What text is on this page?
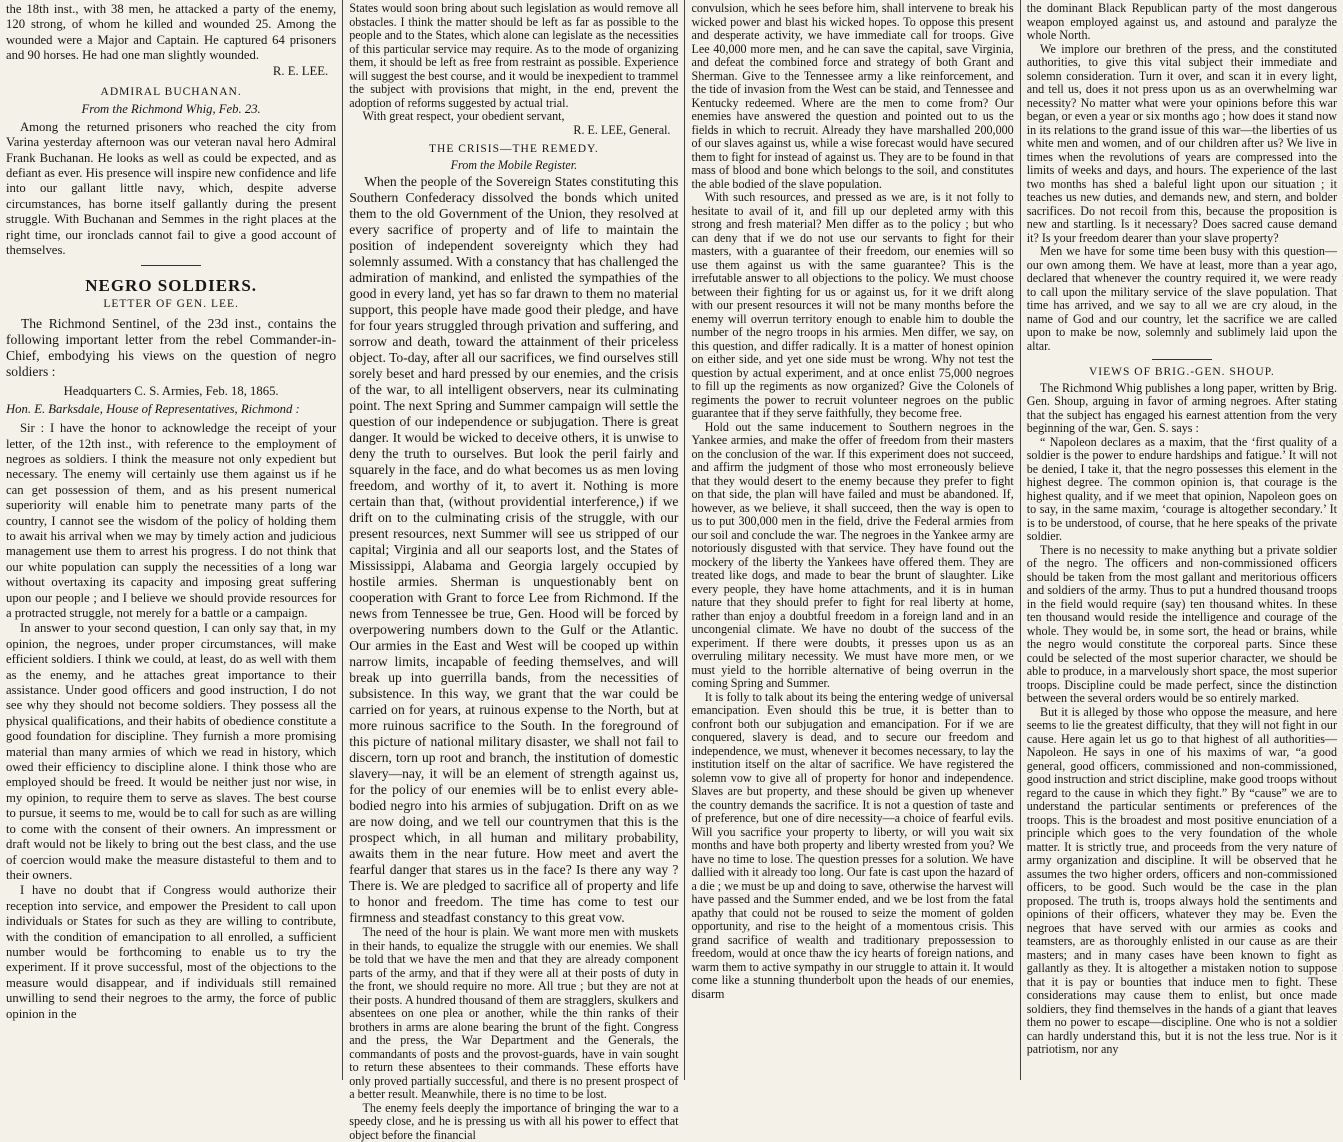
the 18th inst., with 38 men, he attacked a party of the enemy, 120 strong, of whom he killed and wounded 25. Among the wounded were a Major and Captain. He captured 64 prisoners and 90 horses. He had one man slightly wounded.

R. E. LEE.

ADMIRAL BUCHANAN.
From the Richmond Whig, Feb. 23.

Among the returned prisoners who reached the city from Varina yesterday afternoon was our veteran naval hero Admiral Frank Buchanan. He looks as well as could be expected, and as defiant as ever. His presence will inspire new confidence and life into our gallant little navy, which, despite adverse circumstances, has borne itself gallantly during the present struggle. With Buchanan and Semmes in the right places at the right time, our ironclads cannot fail to give a good account of themselves.

NEGRO SOLDIERS.
LETTER OF GEN. LEE.

The Richmond Sentinel, of the 23d inst., contains the following important letter from the rebel Commander-in-Chief, embodying his views on the question of negro soldiers :

Headquarters C. S. Armies, Feb. 18, 1865.

Hon. E. Barksdale, House of Representatives, Richmond :

Sir : I have the honor to acknowledge the receipt of your letter, of the 12th inst., with reference to the employment of negroes as soldiers. I think the measure not only expedient but necessary. The enemy will certainly use them against us if he can get possession of them, and as his present numerical superiority will enable him to penetrate many parts of the country, I cannot see the wisdom of the policy of holding them to await his arrival when we may by timely action and judicious management use them to arrest his progress. I do not think that our white population can supply the necessities of a long war without overtaxing its capacity and imposing great suffering upon our people ; and I believe we should provide resources for a protracted struggle, not merely for a battle or a campaign.

In answer to your second question, I can only say that, in my opinion, the negroes, under proper circumstances, will make efficient soldiers. I think we could, at least, do as well with them as the enemy, and he attaches great importance to their assistance. Under good officers and good instruction, I do not see why they should not become soldiers. They possess all the physical qualifications, and their habits of obedience constitute a good foundation for discipline. They furnish a more promising material than many armies of which we read in history, which owed their efficiency to discipline alone. I think those who are employed should be freed. It would be neither just nor wise, in my opinion, to require them to serve as slaves. The best course to pursue, it seems to me, would be to call for such as are willing to come with the consent of their owners. An impressment or draft would not be likely to bring out the best class, and the use of coercion would make the measure distasteful to them and to their owners.

I have no doubt that if Congress would authorize their reception into service, and empower the President to call upon individuals or States for such as they are willing to contribute, with the condition of emancipation to all enrolled, a sufficient number would be forthcoming to enable us to try the experiment. If it prove successful, most of the objections to the measure would disappear, and if individuals still remained unwilling to send their negroes to the army, the force of public opinion in the

States would soon bring about such legislation as would remove all obstacles. I think the matter should be left as far as possible to the people and to the States, which alone can legislate as the necessities of this particular service may require. As to the mode of organizing them, it should be left as free from restraint as possible. Experience will suggest the best course, and it would be inexpedient to trammel the subject with provisions that might, in the end, prevent the adoption of reforms suggested by actual trial.

With great respect, your obedient servant,

R. E. LEE, General.

THE CRISIS—THE REMEDY.
From the Mobile Register.

When the people of the Sovereign States constituting this Southern Confederacy dissolved the bonds which united them to the old Government of the Union, they resolved at every sacrifice of property and of life to maintain the position of independent sovereignty which they had solemnly assumed. With a constancy that has challenged the admiration of mankind, and enlisted the sympathies of the good in every land, yet has so far drawn to them no material support, this people have made good their pledge, and have for four years struggled through privation and suffering, and sorrow and death, toward the attainment of their priceless object. To-day, after all our sacrifices, we find ourselves still sorely beset and hard pressed by our enemies, and the crisis of the war, to all intelligent observers, near its culminating point. The next Spring and Summer campaign will settle the question of our independence or subjugation. There is great danger. It would be wicked to deceive others, it is unwise to deny the truth to ourselves. But look the peril fairly and squarely in the face, and do what becomes us as men loving freedom, and worthy of it, to avert it. Nothing is more certain than that, (without providential interference,) if we drift on to the culminating crisis of the struggle, with our present resources, next Summer will see us stripped of our capital; Virginia and all our seaports lost, and the States of Mississippi, Alabama and Georgia largely occupied by hostile armies. Sherman is unquestionably bent on cooperation with Grant to force Lee from Richmond. If the news from Tennessee be true, Gen. Hood will be forced by overpowering numbers down to the Gulf or the Atlantic. Our armies in the East and West will be cooped up within narrow limits, incapable of feeding themselves, and will break up into guerrilla bands, from the necessities of subsistence. In this way, we grant that the war could be carried on for years, at ruinous expense to the North, but at more ruinous sacrifice to the South. In the foreground of this picture of national military disaster, we shall not fail to discern, torn up root and branch, the institution of domestic slavery—nay, it will be an element of strength against us, for the policy of our enemies will be to enlist every able-bodied negro into his armies of subjugation. Drift on as we are now doing, and we tell our countrymen that this is the prospect which, in all human and military probability, awaits them in the near future. How meet and avert the fearful danger that stares us in the face? Is there any way ? There is. We are pledged to sacrifice all of property and life to honor and freedom. The time has come to test our firmness and steadfast constancy to this great vow.

The need of the hour is plain. We want more men with muskets in their hands, to equalize the struggle with our enemies. We shall be told that we have the men and that they are already component parts of the army, and that if they were all at their posts of duty in the front, we should require no more. All true ; but they are not at their posts. A hundred thousand of them are stragglers, skulkers and absentees on one plea or another, while the thin ranks of their brothers in arms are alone bearing the brunt of the fight. Congress and the press, the War Department and the Generals, the commandants of posts and the provost-guards, have in vain sought to return these absentees to their commands. These efforts have only proved partially successful, and there is no present prospect of a better result. Meanwhile, there is no time to be lost.

The enemy feels deeply the importance of bringing the war to a speedy close, and he is pressing us with all his power to effect that object before the financial

convulsion, which he sees before him, shall intervene to break his wicked power and blast his wicked hopes. To oppose this present and desperate activity, we have immediate call for troops. Give Lee 40,000 more men, and he can save the capital, save Virginia, and defeat the combined force and strategy of both Grant and Sherman. Give to the Tennessee army a like reinforcement, and the tide of invasion from the West can be staid, and Tennessee and Kentucky redeemed. Where are the men to come from? Our enemies have answered the question and pointed out to us the fields in which to recruit. Already they have marshalled 200,000 of our slaves against us, while a wise forecast would have secured them to fight for instead of against us. They are to be found in that mass of blood and bone which belongs to the soil, and constitutes the able bodied of the slave population.

With such resources, and pressed as we are, is it not folly to hesitate to avail of it, and fill up our depleted army with this strong and fresh material? Men differ as to the policy ; but who can deny that if we do not use our servants to fight for their masters, with a guarantee of their freedom, our enemies will so use them against us with the same guarantee? This is the irrefutable answer to all objections to the policy. We must choose between their fighting for us or against us, for it we drift along with our present resources it will not be many months before the enemy will overrun territory enough to enable him to double the number of the negro troops in his armies. Men differ, we say, on this question, and differ radically. It is a matter of honest opinion on either side, and yet one side must be wrong. Why not test the question by actual experiment, and at once enlist 75,000 negroes to fill up the regiments as now organized? Give the Colonels of regiments the power to recruit volunteer negroes on the public guarantee that if they serve faithfully, they become free.

Hold out the same inducement to Southern negroes in the Yankee armies, and make the offer of freedom from their masters on the conclusion of the war. If this experiment does not succeed, and affirm the judgment of those who most erroneously believe that they would desert to the enemy because they prefer to fight on that side, the plan will have failed and must be abandoned. If, however, as we believe, it shall succeed, then the way is open to us to put 300,000 men in the field, drive the Federal armies from our soil and conclude the war. The negroes in the Yankee army are notoriously disgusted with that service. They have found out the mockery of the liberty the Yankees have offered them. They are treated like dogs, and made to bear the brunt of slaughter. Like every people, they have home attachments, and it is in human nature that they should prefer to fight for real liberty at home, rather than enjoy a doubtful freedom in a foreign land and in an uncongenial climate. We have no doubt of the success of the experiment. If there were doubts, it presses upon us as an overruling military necessity. We must have more men, or we must yield to the horrible alternative of being overrun in the coming Spring and Summer.

It is folly to talk about its being the entering wedge of universal emancipation. Even should this be true, it is better than to confront both our subjugation and emancipation. For if we are conquered, slavery is dead, and to secure our freedom and independence, we must, whenever it becomes necessary, to lay the institution itself on the altar of sacrifice. We have registered the solemn vow to give all of property for honor and independence. Slaves are but property, and these should be given up whenever the country demands the sacrifice. It is not a question of taste and of preference, but one of dire necessity—a choice of fearful evils. Will you sacrifice your property to liberty, or will you wait six months and have both property and liberty wrested from you? We have no time to lose. The question presses for a solution. We have dallied with it already too long. Our fate is cast upon the hazard of a die ; we must be up and doing to save, otherwise the harvest will have passed and the Summer ended, and we be lost from the fatal apathy that could not be roused to seize the moment of golden opportunity, and rise to the height of a momentous crisis. This grand sacrifice of wealth and traditionary prepossession to freedom, would at once thaw the icy hearts of foreign nations, and warm them to active sympathy in our struggle to attain it. It would come like a stunning thunderbolt upon the heads of our enemies, disarm

the dominant Black Republican party of the most dangerous weapon employed against us, and astound and paralyze the whole North.

We implore our brethren of the press, and the constituted authorities, to give this vital subject their immediate and solemn consideration. Turn it over, and scan it in every light, and tell us, does it not press upon us as an overwhelming war necessity? No matter what were your opinions before this war began, or even a year or six months ago ; how does it stand now in its relations to the grand issue of this war—the liberties of us white men and women, and of our children after us? We live in times when the revolutions of years are compressed into the limits of weeks and days, and hours. The experience of the last two months has shed a baleful light upon our situation ; it teaches us new duties, and demands new, and stern, and bolder sacrifices. Do not recoil from this, because the proposition is new and startling. Is it necessary? Does sacred cause demand it? Is your freedom dearer than your slave property?

Men we have for some time been busy with this question—our own among them. We have at least, more than a year ago, declared that whenever the country required it, we were ready to call upon the military service of the slave population. That time has arrived, and we say to all we are cry aloud, in the name of God and our country, let the sacrifice we are called upon to make be now, solemnly and sublimely laid upon the altar.

VIEWS OF BRIG.-GEN. SHOUP.

The Richmond Whig publishes a long paper, written by Brig. Gen. Shoup, arguing in favor of arming negroes. After stating that the subject has engaged his earnest attention from the very beginning of the war, Gen. S. says :

“ Napoleon declares as a maxim, that the ‘first quality of a soldier is the power to endure hardships and fatigue.’ It will not be denied, I take it, that the negro possesses this element in the highest degree. The common opinion is, that courage is the highest quality, and if we meet that opinion, Napoleon goes on to say, in the same maxim, ‘courage is altogether secondary.’ It is to be understood, of course, that he here speaks of the private soldier.

There is no necessity to make anything but a private soldier of the negro. The officers and non-commissioned officers should be taken from the most gallant and meritorious officers and soldiers of the army. Thus to put a hundred thousand troops in the field would require (say) ten thousand whites. In these ten thousand would reside the intelligence and courage of the whole. They would be, in some sort, the head or brains, while the negro would constitute the corporeal parts. Since these could be selected of the most superior character, we should be able to produce, in a marvelously short space, the most superior troops. Discipline could be made perfect, since the distinction between the several orders would be so entirely marked.

But it is alleged by those who oppose the measure, and here seems to lie the greatest difficulty, that they will not fight in our cause. Here again let us go to that highest of all authorities—Napoleon. He says in one of his maxims of war, “a good general, good officers, commissioned and non-commissioned, good instruction and strict discipline, make good troops without regard to the cause in which they fight.” By “cause” we are to understand the particular sentiments or preferences of the troops. This is the broadest and most positive enunciation of a principle which goes to the very foundation of the whole matter. It is strictly true, and proceeds from the very nature of army organization and discipline. It will be observed that he assumes the two higher orders, officers and non-commissioned officers, to be good. Such would be the case in the plan proposed. The truth is, troops always hold the sentiments and opinions of their officers, whatever they may be. Even the negroes that have served with our armies as cooks and teamsters, are as thoroughly enlisted in our cause as are their masters; and in many cases have been known to fight as gallantly as they. It is altogether a mistaken notion to suppose that it is pay or bounties that induce men to fight. These considerations may cause them to enlist, but once made soldiers, they find themselves in the hands of a giant that leaves them no power to escape—discipline. One who is not a soldier can hardly understand this, but it is not the less true. Nor is it patriotism, nor any
